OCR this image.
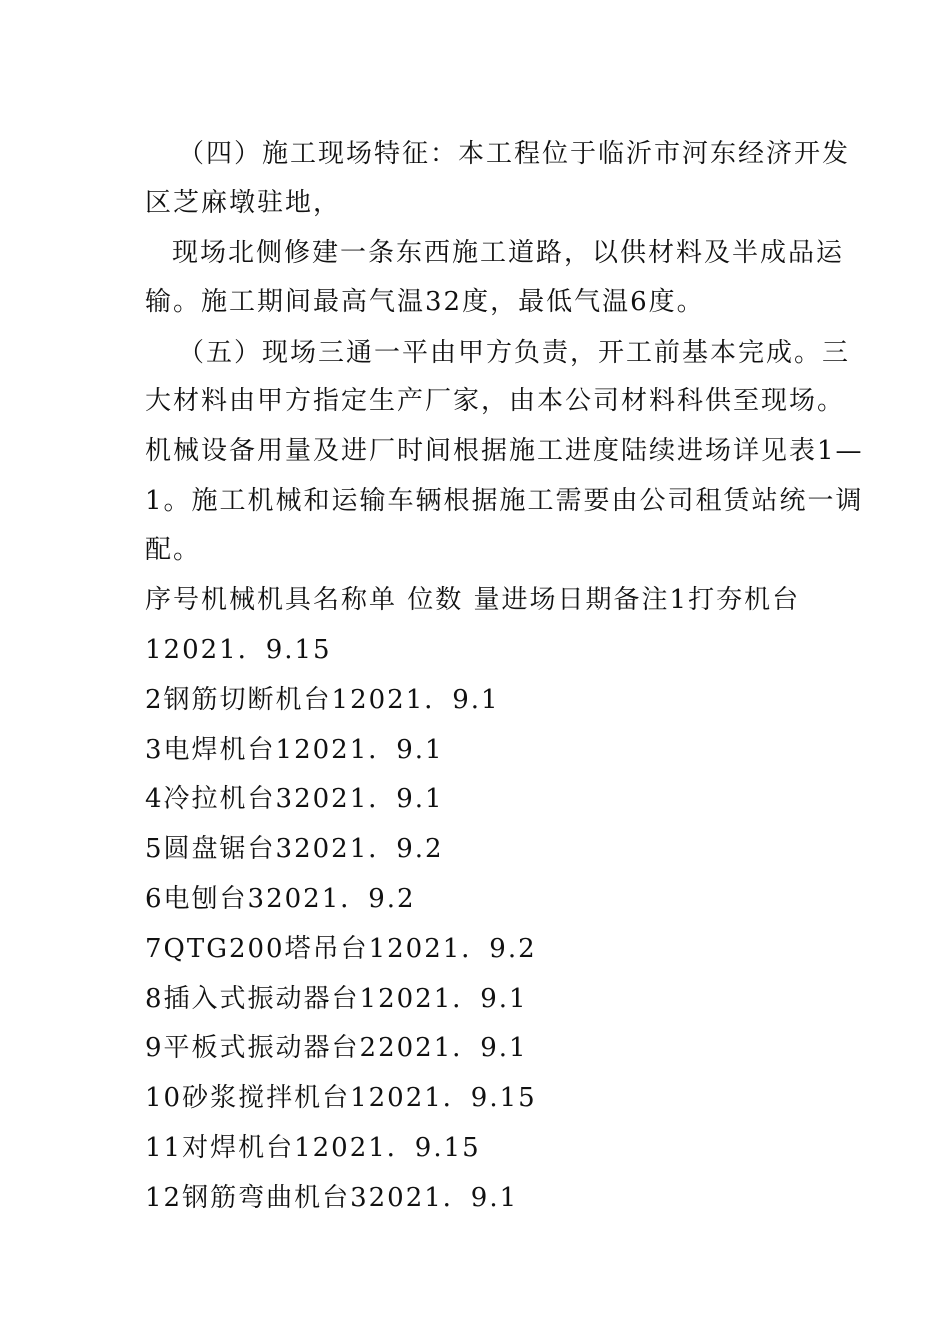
（四）施工现场特征：本工程位于临沂市河东经济开发
区芝麻墩驻地，
现场北侧修建一条东西施工道路，以供材料及半成品运
输。施工期间最高气温32度，最低气温6度。
（五）现场三通一平由甲方负责，开工前基本完成。三
大材料由甲方指定生产厂家，由本公司材料科供至现场。
机械设备用量及进厂时间根据施工进度陆续进场详见表1—
1。施工机械和运输车辆根据施工需要由公司租赁站统一调
配。
序号机械机具名称单 位数 量进场日期备注1打夯机台
12021．9.15
2钢筋切断机台12021．9.1
3电焊机台12021．9.1
4冷拉机台32021．9.1
5圆盘锯台32021．9.2
6电刨台32021．9.2
7QTG200塔吊台12021．9.2
8插入式振动器台12021．9.1
9平板式振动器台22021．9.1
10砂浆搅拌机台12021．9.15
11对焊机台12021．9.15
12钢筋弯曲机台32021．9.1
